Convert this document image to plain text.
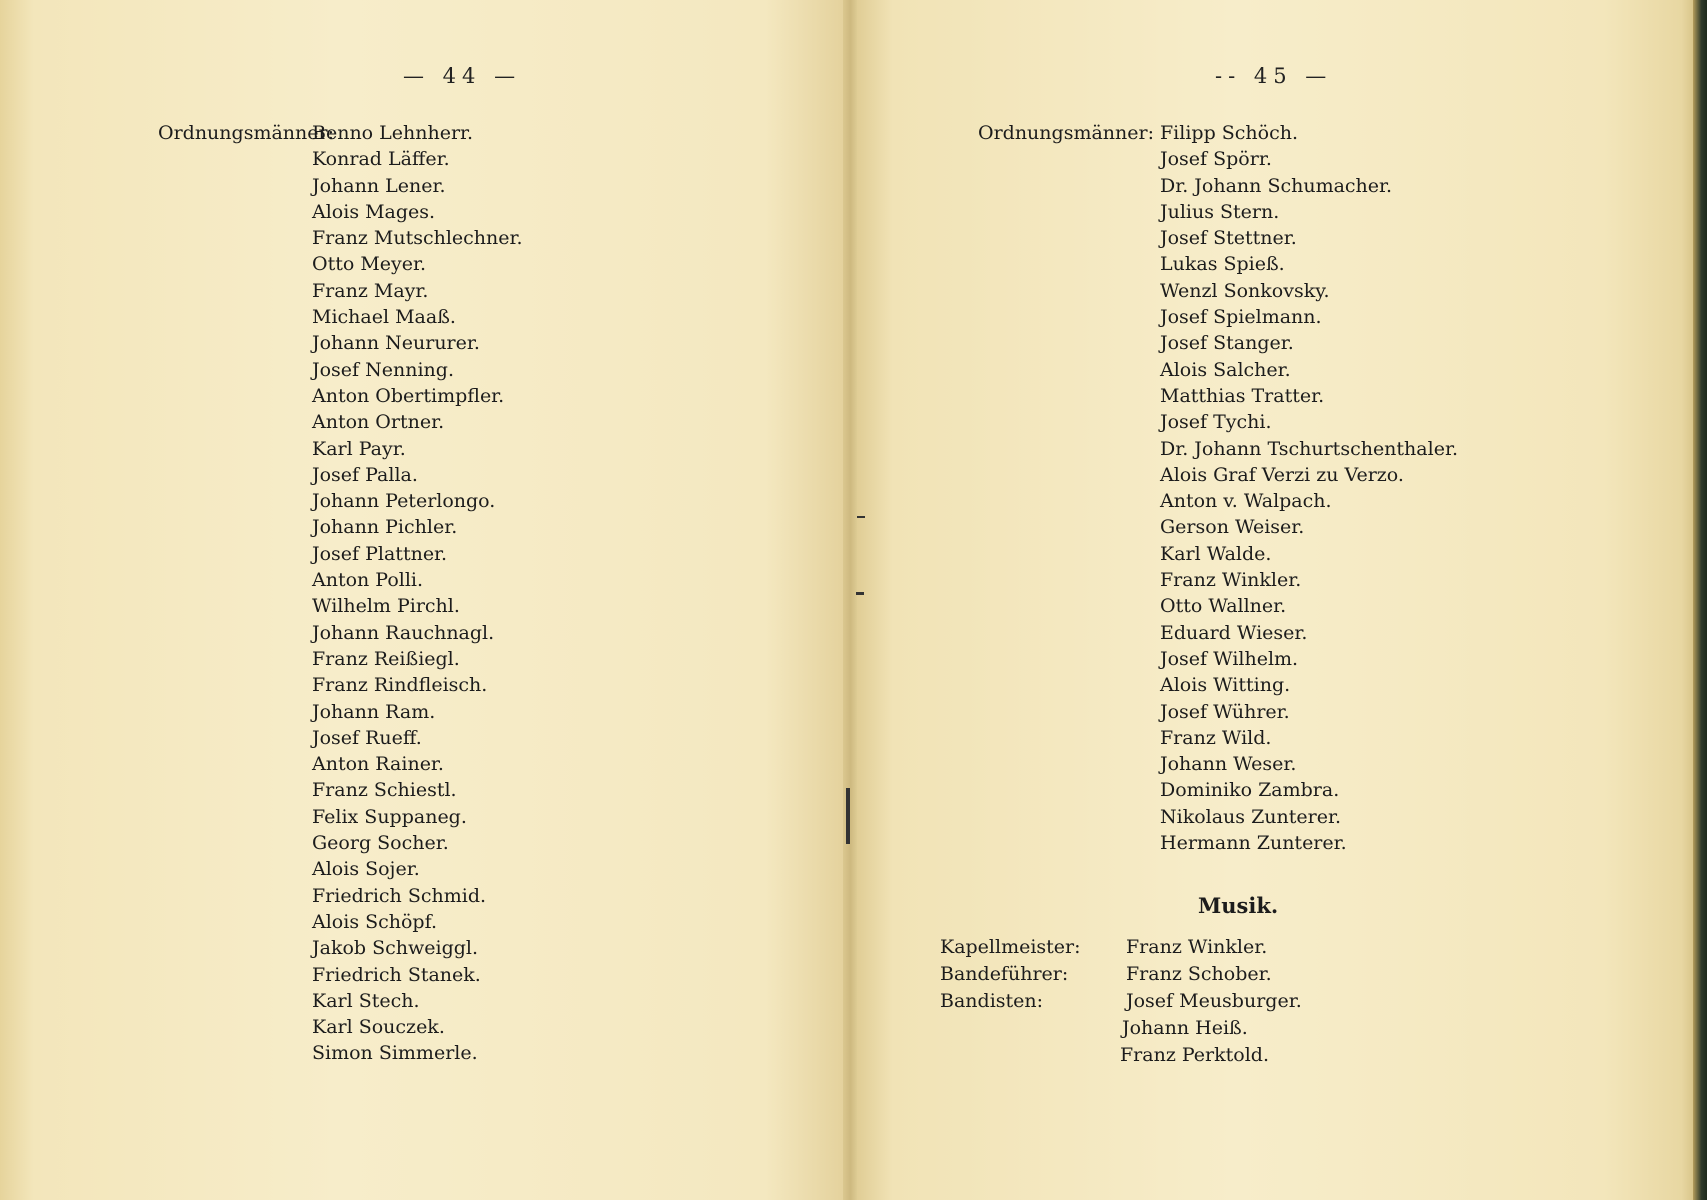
— 44 —
Ordnungsmänner:
Benno Lehnherr.
Konrad Läffer.
Johann Lener.
Alois Mages.
Franz Mutschlechner.
Otto Meyer.
Franz Mayr.
Michael Maaß.
Johann Neururer.
Josef Nenning.
Anton Obertimpfler.
Anton Ortner.
Karl Payr.
Josef Palla.
Johann Peterlongo.
Johann Pichler.
Josef Plattner.
Anton Polli.
Wilhelm Pirchl.
Johann Rauchnagl.
Franz Reißiegl.
Franz Rindfleisch.
Johann Ram.
Josef Rueff.
Anton Rainer.
Franz Schiestl.
Felix Suppaneg.
Georg Socher.
Alois Sojer.
Friedrich Schmid.
Alois Schöpf.
Jakob Schweiggl.
Friedrich Stanek.
Karl Stech.
Karl Souczek.
Simon Simmerle.
-- 45 —
Ordnungsmänner: Filipp Schöch.
Josef Spörr.
Dr. Johann Schumacher.
Julius Stern.
Josef Stettner.
Lukas Spieß.
Wenzl Sonkovsky.
Josef Spielmann.
Josef Stanger.
Alois Salcher.
Matthias Tratter.
Josef Tychi.
Dr. Johann Tschurtschenthaler.
Alois Graf Verzi zu Verzo.
Anton v. Walpach.
Gerson Weiser.
Karl Walde.
Franz Winkler.
Otto Wallner.
Eduard Wieser.
Josef Wilhelm.
Alois Witting.
Josef Wührer.
Franz Wild.
Johann Weser.
Dominiko Zambra.
Nikolaus Zunterer.
Hermann Zunterer.
Musik.
Kapellmeister: Franz Winkler.
Bandeführer:	Franz Schober.
Bandisten:	Josef Meusburger.
Johann Heiß.
Franz Perktold.
